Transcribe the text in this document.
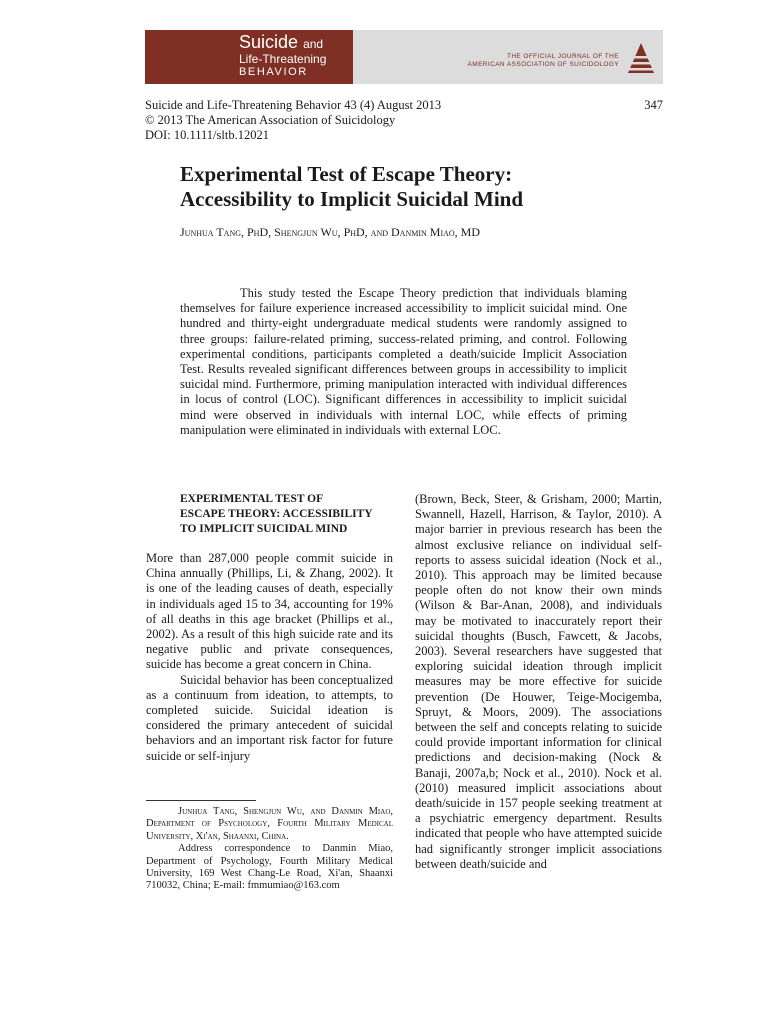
Suicide and
Life-Threatening
BEHAVIOR
THE OFFICIAL JOURNAL OF THE
AMERICAN ASSOCIATION OF SUICIDOLOGY
Suicide and Life-Threatening Behavior 43 (4) August 2013
© 2013 The American Association of Suicidology
DOI: 10.1111/sltb.12021
347
Experimental Test of Escape Theory:
Accessibility to Implicit Suicidal Mind
Junhua Tang, PhD, Shengjun Wu, PhD, and Danmin Miao, MD

This study tested the Escape Theory prediction that individuals blaming themselves for failure experience increased accessibility to implicit suicidal mind. One hundred and thirty-eight undergraduate medical students were randomly assigned to three groups: failure-related priming, success-related priming, and control. Following experimental conditions, participants completed a death/suicide Implicit Association Test. Results revealed significant differences between groups in accessibility to implicit suicidal mind. Furthermore, priming manipulation interacted with individual differences in locus of control (LOC). Significant differences in accessibility to implicit suicidal mind were observed in individuals with internal LOC, while effects of priming manipulation were eliminated in individuals with external LOC.

EXPERIMENTAL TEST OF
ESCAPE THEORY: ACCESSIBILITY
TO IMPLICIT SUICIDAL MIND

More than 287,000 people commit suicide in China annually (Phillips, Li, & Zhang, 2002). It is one of the leading causes of death, especially in individuals aged 15 to 34, accounting for 19% of all deaths in this age bracket (Phillips et al., 2002). As a result of this high suicide rate and its negative public and private consequences, suicide has become a great concern in China.

Suicidal behavior has been conceptualized as a continuum from ideation, to attempts, to completed suicide. Suicidal ideation is considered the primary antecedent of suicidal behaviors and an important risk factor for future suicide or self-injury

Junhua Tang, Shengjun Wu, and Danmin Miao, Department of Psychology, Fourth Military Medical University, Xi'an, Shaanxi, China.

Address correspondence to Danmin Miao, Department of Psychology, Fourth Military Medical University, 169 West Chang-Le Road, Xi'an, Shaanxi 710032, China; E-mail: fmmumiao@163.com

(Brown, Beck, Steer, & Grisham, 2000; Martin, Swannell, Hazell, Harrison, & Taylor, 2010). A major barrier in previous research has been the almost exclusive reliance on individual self-reports to assess suicidal ideation (Nock et al., 2010). This approach may be limited because people often do not know their own minds (Wilson & Bar-Anan, 2008), and individuals may be motivated to inaccurately report their suicidal thoughts (Busch, Fawcett, & Jacobs, 2003). Several researchers have suggested that exploring suicidal ideation through implicit measures may be more effective for suicide prevention (De Houwer, Teige-Mocigemba, Spruyt, & Moors, 2009). The associations between the self and concepts relating to suicide could provide important information for clinical predictions and decision-making (Nock & Banaji, 2007a,b; Nock et al., 2010). Nock et al. (2010) measured implicit associations about death/suicide in 157 people seeking treatment at a psychiatric emergency department. Results indicated that people who have attempted suicide had significantly stronger implicit associations between death/suicide and
